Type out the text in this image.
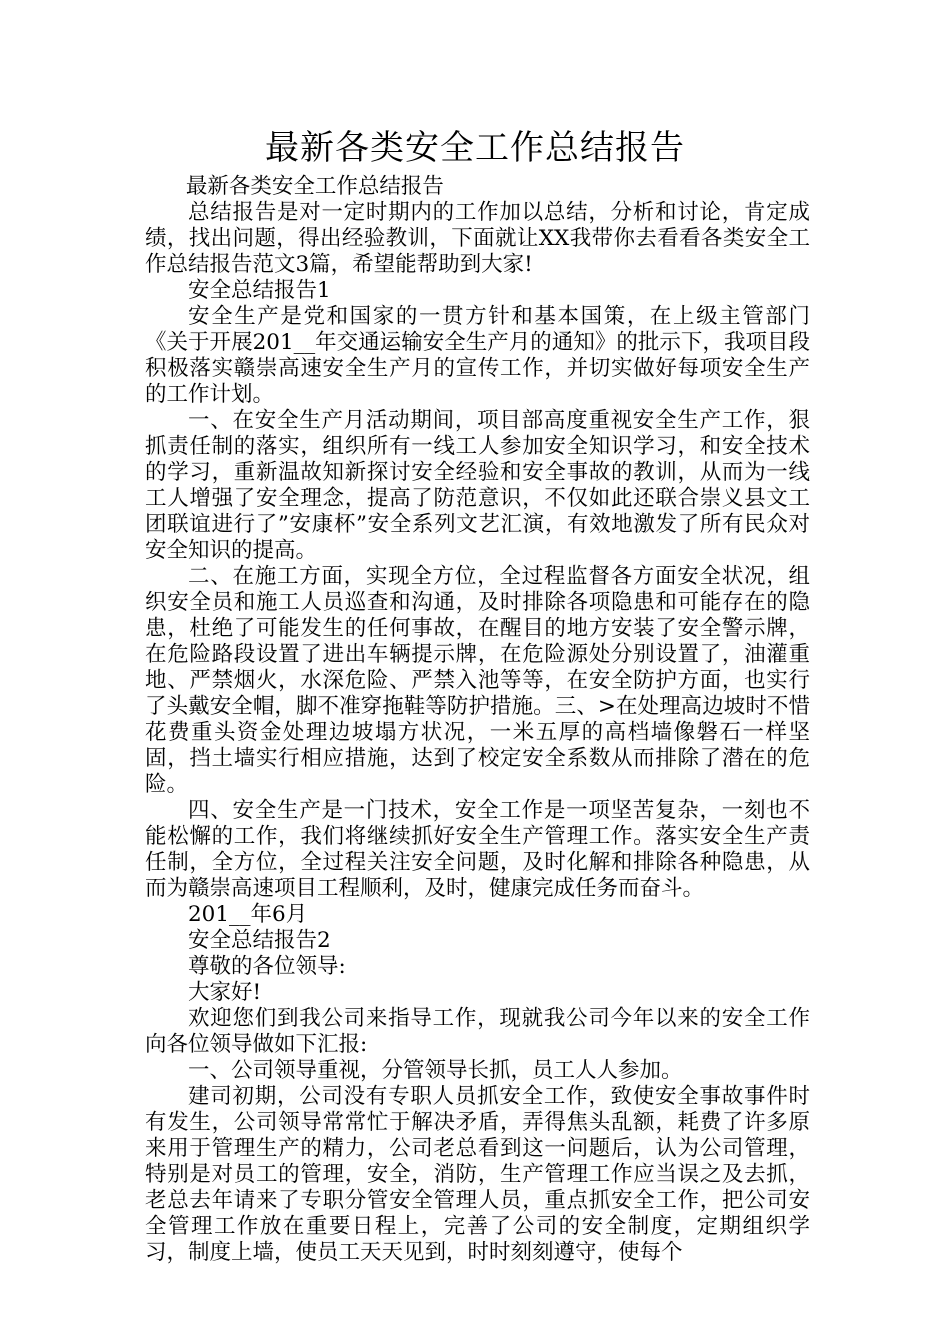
最新各类安全工作总结报告

最新各类安全工作总结报告

总结报告是对一定时期内的工作加以总结，分析和讨论，肯定成绩，找出问题，得出经验教训，下面就让XX我带你去看看各类安全工作总结报告范文3篇，希望能帮助到大家!

安全总结报告1

安全生产是党和国家的一贯方针和基本国策，在上级主管部门《关于开展201__年交通运输安全生产月的通知》的批示下，我项目段积极落实赣崇高速安全生产月的宣传工作，并切实做好每项安全生产的工作计划。

一、在安全生产月活动期间，项目部高度重视安全生产工作，狠抓责任制的落实，组织所有一线工人参加安全知识学习，和安全技术的学习，重新温故知新探讨安全经验和安全事故的教训，从而为一线工人增强了安全理念，提高了防范意识，不仅如此还联合崇义县文工团联谊进行了”安康杯”安全系列文艺汇演，有效地激发了所有民众对安全知识的提高。

二、在施工方面，实现全方位，全过程监督各方面安全状况，组织安全员和施工人员巡查和沟通，及时排除各项隐患和可能存在的隐患，杜绝了可能发生的任何事故，在醒目的地方安装了安全警示牌，在危险路段设置了进出车辆提示牌，在危险源处分别设置了，油灌重地、严禁烟火，水深危险、严禁入池等等，在安全防护方面，也实行了头戴安全帽，脚不准穿拖鞋等防护措施。三、>在处理高边坡时不惜花费重头资金处理边坡塌方状况，一米五厚的高档墙像磐石一样坚固，挡土墙实行相应措施，达到了校定安全系数从而排除了潜在的危险。

四、安全生产是一门技术，安全工作是一项坚苦复杂，一刻也不能松懈的工作，我们将继续抓好安全生产管理工作。落实安全生产责任制，全方位，全过程关注安全问题，及时化解和排除各种隐患，从而为赣崇高速项目工程顺利，及时，健康完成任务而奋斗。

201__年6月

安全总结报告2

尊敬的各位领导:

大家好!

欢迎您们到我公司来指导工作，现就我公司今年以来的安全工作向各位领导做如下汇报:

一、公司领导重视，分管领导长抓，员工人人参加。

建司初期，公司没有专职人员抓安全工作，致使安全事故事件时有发生，公司领导常常忙于解决矛盾，弄得焦头乱额，耗费了许多原来用于管理生产的精力，公司老总看到这一问题后，认为公司管理，特别是对员工的管理，安全，消防，生产管理工作应当误之及去抓，老总去年请来了专职分管安全管理人员，重点抓安全工作，把公司安全管理工作放在重要日程上，完善了公司的安全制度，定期组织学习，制度上墙，使员工天天见到，时时刻刻遵守，使每个
